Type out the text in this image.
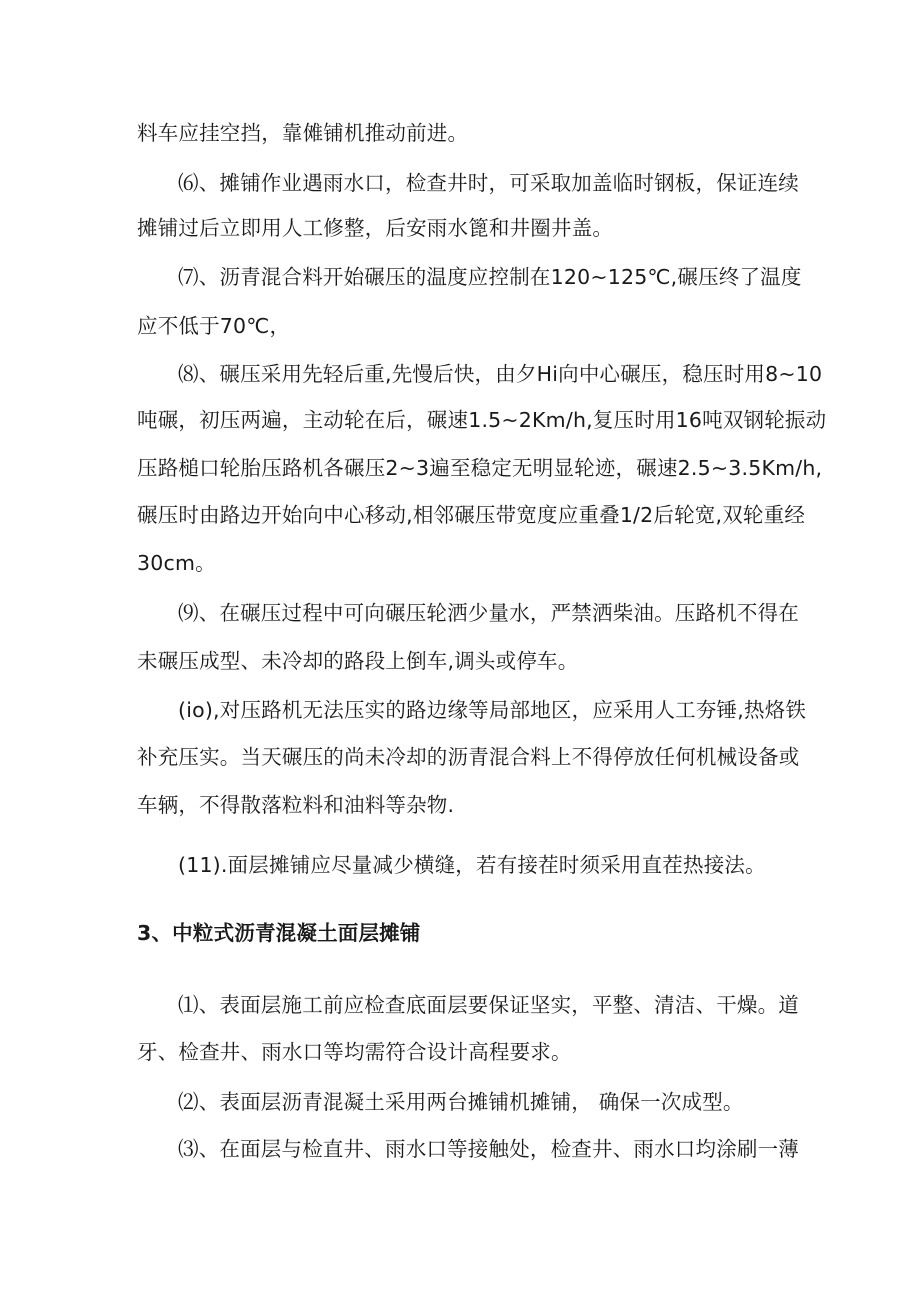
料车应挂空挡，靠傩铺机推动前进。
⑹、摊铺作业遇雨水口，检查井时，可采取加盖临时钢板，保证连续
摊铺过后立即用人工修整，后安雨水篦和井圈井盖。
⑺、沥青混合料开始碾压的温度应控制在120~125℃,碾压终了温度
应不低于70℃，
⑻、碾压采用先轻后重,先慢后快，由夕Hi向中心碾压，稳压时用8~10
吨碾，初压两遍，主动轮在后，碾速1.5~2Km/h,复压时用16吨双钢轮振动
压路槌口轮胎压路机各碾压2~3遍至稳定无明显轮迹，碾速2.5~3.5Km/h,
碾压时由路边开始向中心移动,相邻碾压带宽度应重叠1/2后轮宽,双轮重经
30cm。
⑼、在碾压过程中可向碾压轮洒少量水，严禁洒柴油。压路机不得在
未碾压成型、未冷却的路段上倒车,调头或停车。
(io),对压路机无法压实的路边缘等局部地区，应采用人工夯锤,热烙铁
补充压实。当天碾压的尚未冷却的沥青混合料上不得停放任何机械设备或
车辆，不得散落粒料和油料等杂物.
(11).面层摊铺应尽量减少横缝，若有接茬时须采用直茬热接法。
3、中粒式沥青混凝土面层摊铺
⑴、表面层施工前应检查底面层要保证坚实，平整、清洁、干燥。道
牙、检查井、雨水口等均需符合设计高程要求。
⑵、表面层沥青混凝土采用两台摊铺机摊铺， 确保一次成型。
⑶、在面层与检直井、雨水口等接触处，检查井、雨水口均涂刷一薄
